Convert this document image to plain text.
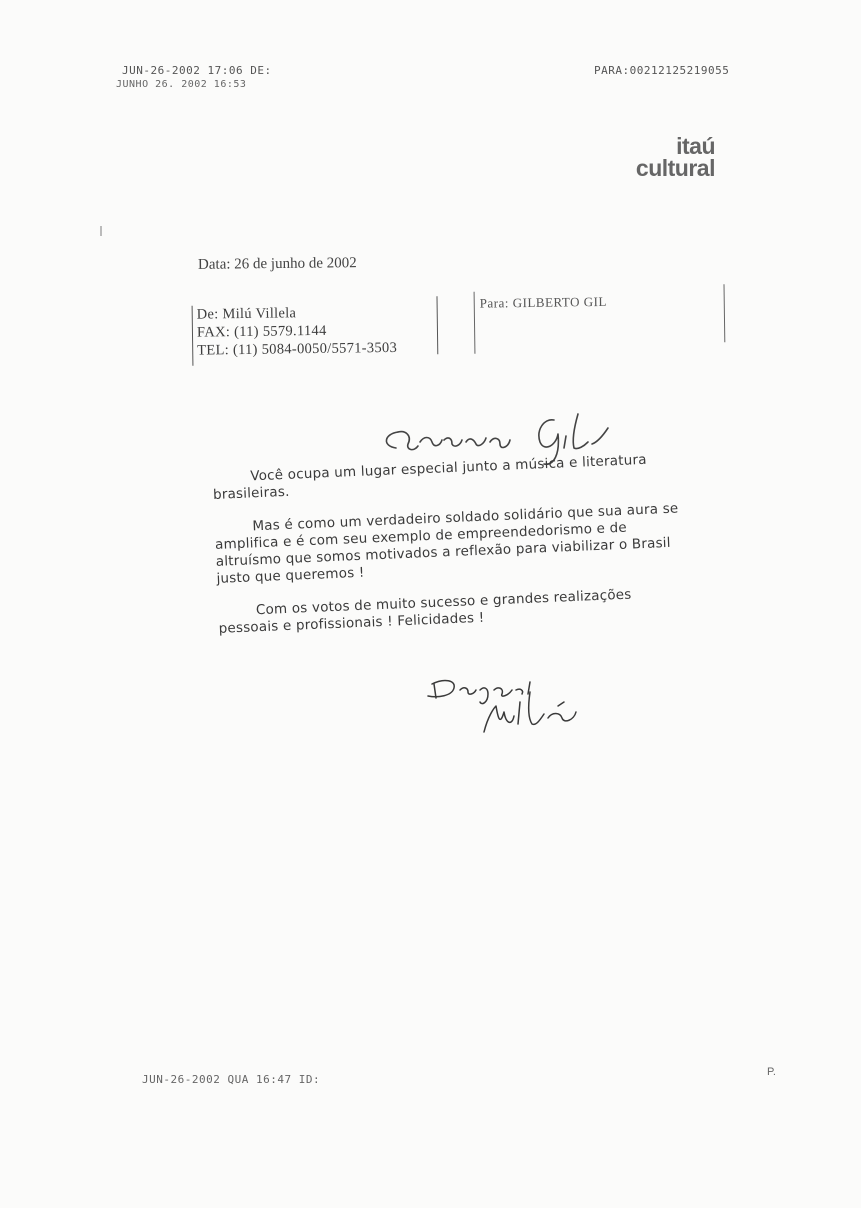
JUN-26-2002 17:06 DE:
JUNHO 26. 2002 16:53
PARA:00212125219055
itaú
cultural
Data: 26 de junho de 2002
De: Milú Villela
FAX: (11) 5579.1144
TEL: (11) 5084-0050/5571-3503
Para: GILBERTO GIL
Querido Gil,

Você ocupa um lugar especial junto a música e literatura brasileiras.

Mas é como um verdadeiro soldado solidário que sua aura se amplifica e é com seu exemplo de empreendedorismo e de altruísmo que somos motivados a reflexão para viabilizar o Brasil justo que queremos !

Com os votos de muito sucesso e grandes realizações pessoais e profissionais ! Felicidades !

Beijos, Milú
JUN-26-2002 QUA 16:47 ID:
P.
